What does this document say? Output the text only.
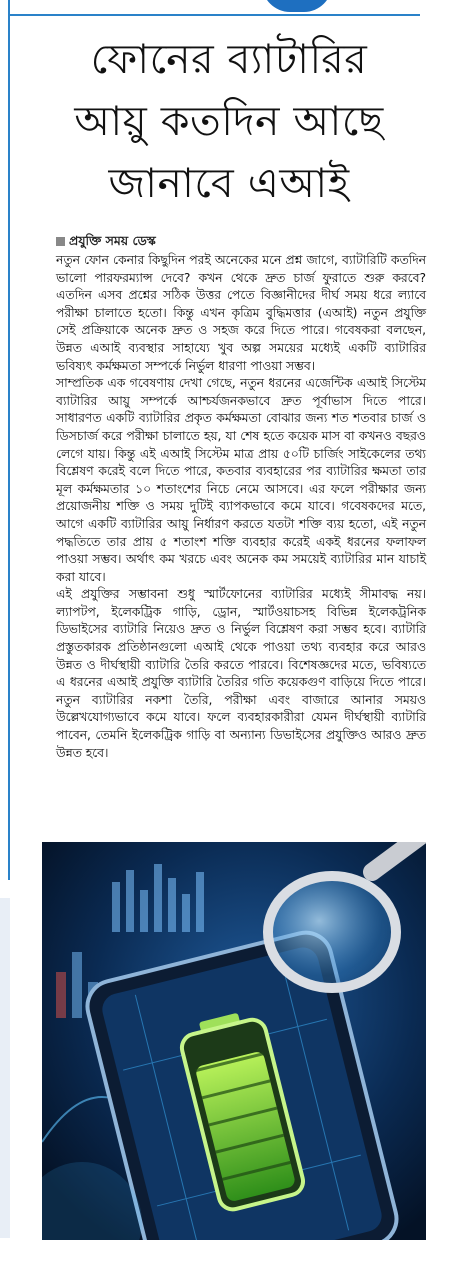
ফোনের ব্যাটারির
আয়ু কতদিন আছে
জানাবে এআই
প্রযুক্তি সময় ডেস্ক

নতুন ফোন কেনার কিছুদিন পরই অনেকের মনে প্রশ্ন জাগে, ব্যাটারিটি কতদিন ভালো পারফরম্যান্স দেবে? কখন থেকে দ্রুত চার্জ ফুরাতে শুরু করবে? এতদিন এসব প্রশ্নের সঠিক উত্তর পেতে বিজ্ঞানীদের দীর্ঘ সময় ধরে ল্যাবে পরীক্ষা চালাতে হতো। কিন্তু এখন কৃত্রিম বুদ্ধিমত্তার (এআই) নতুন প্রযুক্তি সেই প্রক্রিয়াকে অনেক দ্রুত ও সহজ করে দিতে পারে। গবেষকরা বলছেন, উন্নত এআই ব্যবস্থার সাহায্যে খুব অল্প সময়ের মধ্যেই একটি ব্যাটারির ভবিষ্যৎ কর্মক্ষমতা সম্পর্কে নির্ভুল ধারণা পাওয়া সম্ভব।

সাম্প্রতিক এক গবেষণায় দেখা গেছে, নতুন ধরনের এজেন্টিক এআই সিস্টেম ব্যাটারির আয়ু সম্পর্কে আশ্চর্যজনকভাবে দ্রুত পূর্বাভাস দিতে পারে। সাধারণত একটি ব্যাটারির প্রকৃত কর্মক্ষমতা বোঝার জন্য শত শতবার চার্জ ও ডিসচার্জ করে পরীক্ষা চালাতে হয়, যা শেষ হতে কয়েক মাস বা কখনও বছরও লেগে যায়। কিন্তু এই এআই সিস্টেম মাত্র প্রায় ৫০টি চার্জিং সাইকেলের তথ্য বিশ্লেষণ করেই বলে দিতে পারে, কতবার ব্যবহারের পর ব্যাটারির ক্ষমতা তার মূল কর্মক্ষমতার ১০ শতাংশের নিচে নেমে আসবে। এর ফলে পরীক্ষার জন্য প্রয়োজনীয় শক্তি ও সময় দুটিই ব্যাপকভাবে কমে যাবে। গবেষকদের মতে, আগে একটি ব্যাটারির আয়ু নির্ধারণ করতে যতটা শক্তি ব্যয় হতো, এই নতুন পদ্ধতিতে তার প্রায় ৫ শতাংশ শক্তি ব্যবহার করেই একই ধরনের ফলাফল পাওয়া সম্ভব। অর্থাৎ কম খরচে এবং অনেক কম সময়েই ব্যাটারির মান যাচাই করা যাবে।

এই প্রযুক্তির সম্ভাবনা শুধু স্মার্টফোনের ব্যাটারির মধ্যেই সীমাবদ্ধ নয়। ল্যাপটপ, ইলেকট্রিক গাড়ি, ড্রোন, স্মার্টওয়াচসহ বিভিন্ন ইলেকট্রনিক ডিভাইসের ব্যাটারি নিয়েও দ্রুত ও নির্ভুল বিশ্লেষণ করা সম্ভব হবে। ব্যাটারি প্রস্তুতকারক প্রতিষ্ঠানগুলো এআই থেকে পাওয়া তথ্য ব্যবহার করে আরও উন্নত ও দীর্ঘস্থায়ী ব্যাটারি তৈরি করতে পারবে। বিশেষজ্ঞদের মতে, ভবিষ্যতে এ ধরনের এআই প্রযুক্তি ব্যাটারি তৈরির গতি কয়েকগুণ বাড়িয়ে দিতে পারে। নতুন ব্যাটারির নকশা তৈরি, পরীক্ষা এবং বাজারে আনার সময়ও উল্লেখযোগ্যভাবে কমে যাবে। ফলে ব্যবহারকারীরা যেমন দীর্ঘস্থায়ী ব্যাটারি পাবেন, তেমনি ইলেকট্রিক গাড়ি বা অন্যান্য ডিভাইসের প্রযুক্তিও আরও দ্রুত উন্নত হবে।
